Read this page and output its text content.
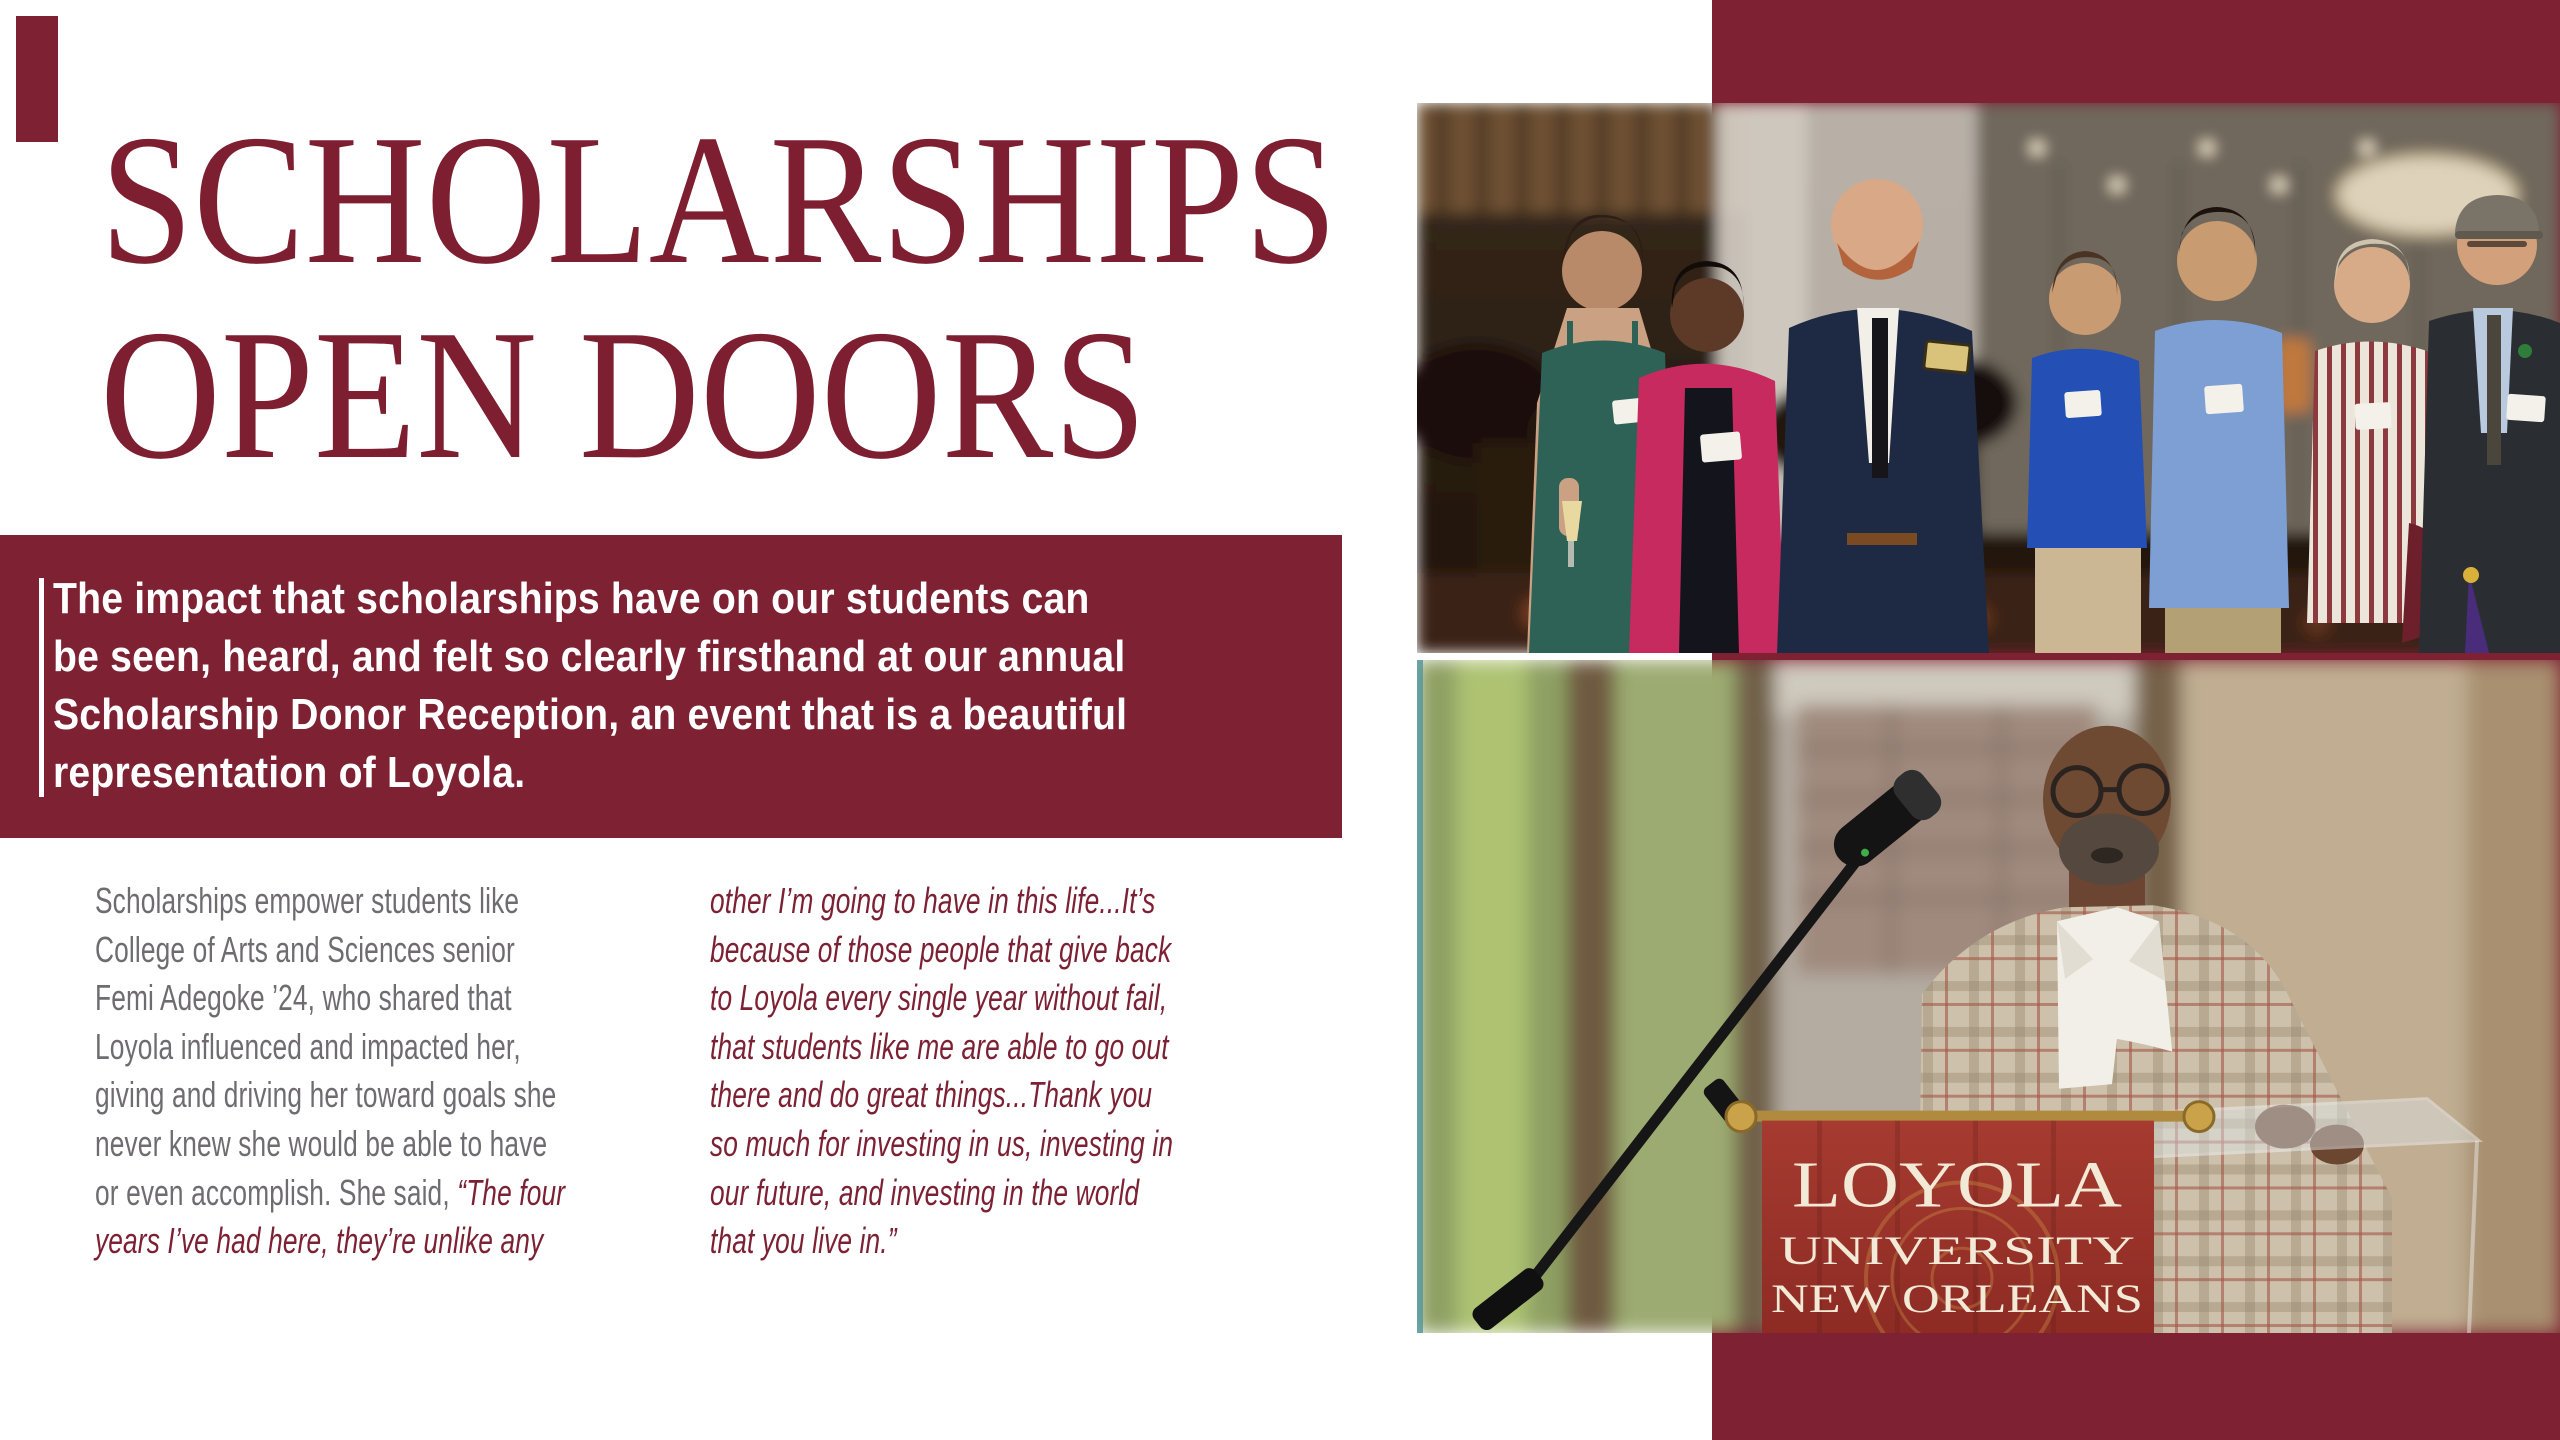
SCHOLARSHIPS
OPEN DOORS
The impact that scholarships have on our students can
be seen, heard, and felt so clearly firsthand at our annual
Scholarship Donor Reception, an event that is a beautiful
representation of Loyola.
Scholarships empower students like
College of Arts and Sciences senior
Femi Adegoke ’24, who shared that
Loyola influenced and impacted her,
giving and driving her toward goals she
never knew she would be able to have
or even accomplish. She said, “The four
years I’ve had here, they’re unlike any
other I’m going to have in this life...It’s
because of those people that give back
to Loyola every single year without fail,
that students like me are able to go out
there and do great things...Thank you
so much for investing in us, investing in
our future, and investing in the world
that you live in.”
LOYOLA
UNIVERSITY
NEW ORLEANS
